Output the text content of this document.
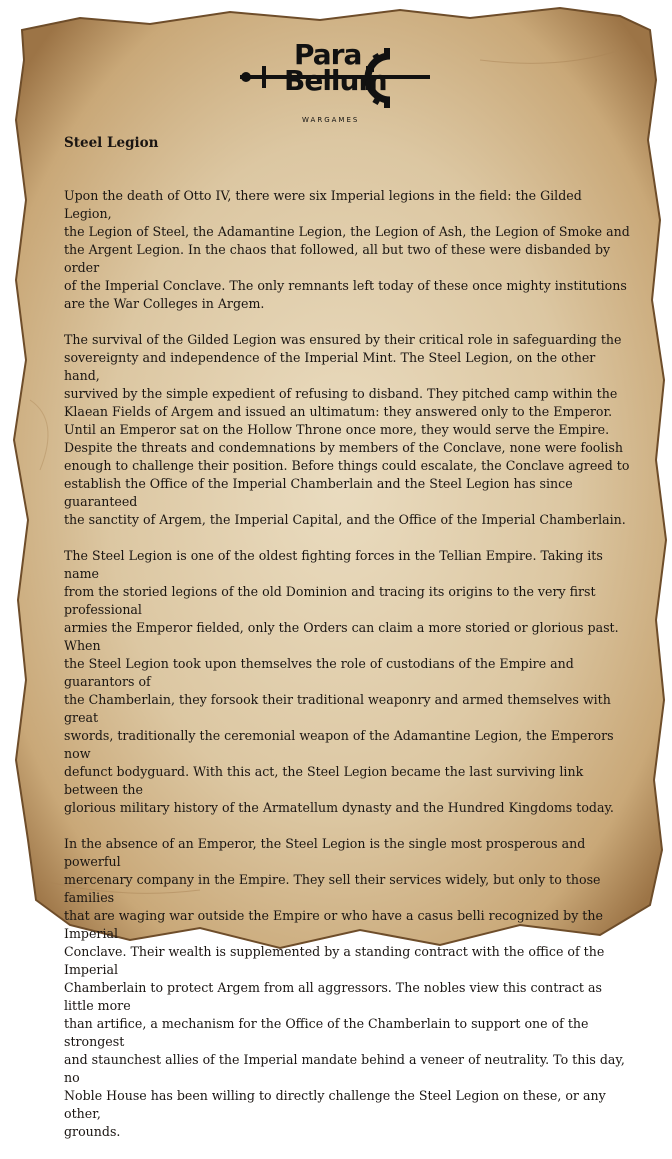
Para
Bellum
WARGAMES
Steel Legion

Upon the death of Otto IV, there were six Imperial legions in the field: the Gilded Legion,
the Legion of Steel, the Adamantine Legion, the Legion of Ash, the Legion of Smoke and
the Argent Legion. In the chaos that followed, all but two of these were disbanded by order
of the Imperial Conclave. The only remnants left today of these once mighty institutions
are the War Colleges in Argem.

The survival of the Gilded Legion was ensured by their critical role in safeguarding the
sovereignty and independence of the Imperial Mint. The Steel Legion, on the other hand,
survived by the simple expedient of refusing to disband. They pitched camp within the
Klaean Fields of Argem and issued an ultimatum: they answered only to the Emperor.
Until an Emperor sat on the Hollow Throne once more, they would serve the Empire.
Despite the threats and condemnations by members of the Conclave, none were foolish
enough to challenge their position. Before things could escalate, the Conclave agreed to
establish the Office of the Imperial Chamberlain and the Steel Legion has since guaranteed
the sanctity of Argem, the Imperial Capital, and the Office of the Imperial Chamberlain.

The Steel Legion is one of the oldest fighting forces in the Tellian Empire. Taking its name
from the storied legions of the old Dominion and tracing its origins to the very first professional
armies the Emperor fielded, only the Orders can claim a more storied or glorious past. When
the Steel Legion took upon themselves the role of custodians of the Empire and guarantors of
the Chamberlain, they forsook their traditional weaponry and armed themselves with great
swords, traditionally the ceremonial weapon of the Adamantine Legion, the Emperors now
defunct bodyguard. With this act, the Steel Legion became the last surviving link between the
glorious military history of the Armatellum dynasty and the Hundred Kingdoms today.

In the absence of an Emperor, the Steel Legion is the single most prosperous and powerful
mercenary company in the Empire. They sell their services widely, but only to those families
that are waging war outside the Empire or who have a casus belli recognized by the Imperial
Conclave. Their wealth is supplemented by a standing contract with the office of the Imperial
Chamberlain to protect Argem from all aggressors. The nobles view this contract as little more
than artifice, a mechanism for the Office of the Chamberlain to support one of the strongest
and staunchest allies of the Imperial mandate behind a veneer of neutrality. To this day, no
Noble House has been willing to directly challenge the Steel Legion on these, or any other,
grounds.
